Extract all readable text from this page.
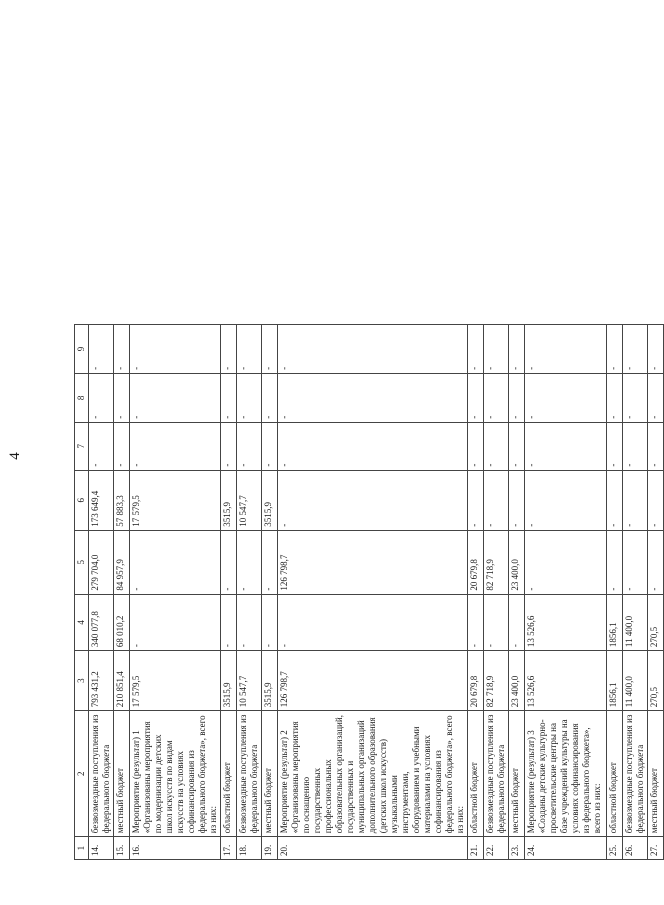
4
1	2	3	4	5	6	7	8	9
14.	безвозмездные поступления из федерального бюджета	793 431,2	340 077,8	279 704,0	173 649,4	-	-	-
15.	местный бюджет	210 851,4	68 010,2	84 957,9	57 883,3	-	-	-
16.	Мероприятие (результат) 1 «Организованы мероприятия по модернизации детских школ искусств по видам искусств на условиях софинансирования из федерального бюджета», всего из них:	17 579,5	-	-	17 579,5	-	-	-
17.	областной бюджет	3515,9	-	-	3515,9	-	-	-
18.	безвозмездные поступления из федерального бюджета	10 547,7	-	-	10 547,7	-	-	-
19.	местный бюджет	3515,9	-	-	3515,9	-	-	-
20.	Мероприятие (результат) 2 «Организованы мероприятия по оснащению государственных профессиональных образовательных организаций, государственных и муниципальных организаций дополнительного образования (детских школ искусств) музыкальными инструментами, оборудованием и учебными материалами на условиях софинансирования из федерального бюджета», всего из них:	126 798,7	-	126 798,7	-	-	-	-
21.	областной бюджет	20 679,8	-	20 679,8	-	-	-	-
22.	безвозмездные поступления из федерального бюджета	82 718,9	-	82 718,9	-	-	-	-
23.	местный бюджет	23 400,0	-	23 400,0	-	-	-	-
24.	Мероприятие (результат) 3 «Созданы детские культурно-просветительские центры на базе учреждений культуры на условиях софинансирования из федерального бюджета», всего из них:	13 526,6	13 526,6	-	-	-	-	-
25.	областной бюджет	1856,1	1856,1	-	-	-	-	-
26.	безвозмездные поступления из федерального бюджета	11 400,0	11 400,0	-	-	-	-	-
27.	местный бюджет	270,5	270,5	-	-	-	-	-
